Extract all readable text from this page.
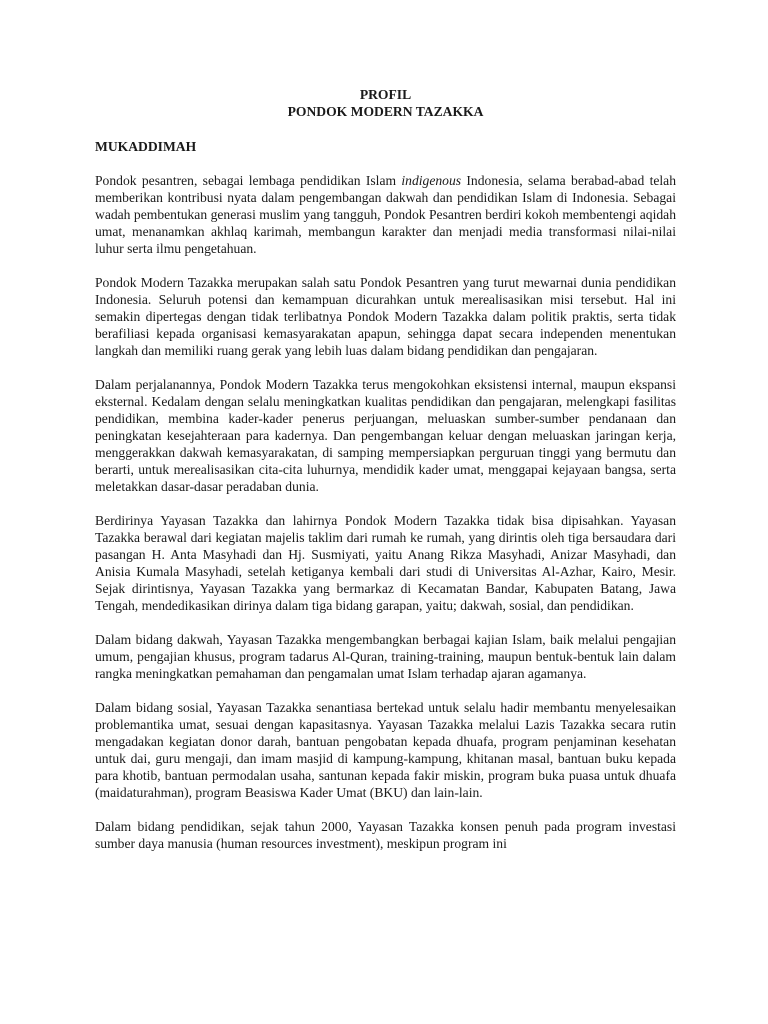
PROFIL
PONDOK MODERN TAZAKKA

MUKADDIMAH

Pondok pesantren, sebagai lembaga pendidikan Islam indigenous Indonesia, selama berabad-abad telah memberikan kontribusi nyata dalam pengembangan dakwah dan pendidikan Islam di Indonesia. Sebagai wadah pembentukan generasi muslim yang tangguh, Pondok Pesantren berdiri kokoh membentengi aqidah umat, menanamkan akhlaq karimah, membangun karakter dan menjadi media transformasi nilai-nilai luhur serta ilmu pengetahuan.

Pondok Modern Tazakka merupakan salah satu Pondok Pesantren yang turut mewarnai dunia pendidikan Indonesia. Seluruh potensi dan kemampuan dicurahkan untuk merealisasikan misi tersebut. Hal ini semakin dipertegas dengan tidak terlibatnya Pondok Modern Tazakka dalam politik praktis, serta tidak berafiliasi kepada organisasi kemasyarakatan apapun, sehingga dapat secara independen menentukan langkah dan memiliki ruang gerak yang lebih luas dalam bidang pendidikan dan pengajaran.

Dalam perjalanannya, Pondok Modern Tazakka terus mengokohkan eksistensi internal, maupun ekspansi eksternal. Kedalam dengan selalu meningkatkan kualitas pendidikan dan pengajaran, melengkapi fasilitas pendidikan, membina kader-kader penerus perjuangan, meluaskan sumber-sumber pendanaan dan peningkatan kesejahteraan para kadernya. Dan pengembangan keluar dengan meluaskan jaringan kerja, menggerakkan dakwah kemasyarakatan, di samping mempersiapkan perguruan tinggi yang bermutu dan berarti, untuk merealisasikan cita-cita luhurnya, mendidik kader umat, menggapai kejayaan bangsa, serta meletakkan dasar-dasar peradaban dunia.

Berdirinya Yayasan Tazakka dan lahirnya Pondok Modern Tazakka tidak bisa dipisahkan. Yayasan Tazakka berawal dari kegiatan majelis taklim dari rumah ke rumah, yang dirintis oleh tiga bersaudara dari pasangan H. Anta Masyhadi dan Hj. Susmiyati, yaitu Anang Rikza Masyhadi, Anizar Masyhadi, dan Anisia Kumala Masyhadi, setelah ketiganya kembali dari studi di Universitas Al-Azhar, Kairo, Mesir. Sejak dirintisnya, Yayasan Tazakka yang bermarkaz di Kecamatan Bandar, Kabupaten Batang, Jawa Tengah, mendedikasikan dirinya dalam tiga bidang garapan, yaitu; dakwah, sosial, dan pendidikan.

Dalam bidang dakwah, Yayasan Tazakka mengembangkan berbagai kajian Islam, baik melalui pengajian umum, pengajian khusus, program tadarus Al-Quran, training-training, maupun bentuk-bentuk lain dalam rangka meningkatkan pemahaman dan pengamalan umat Islam terhadap ajaran agamanya.

Dalam bidang sosial, Yayasan Tazakka senantiasa bertekad untuk selalu hadir membantu menyelesaikan problemantika umat, sesuai dengan kapasitasnya. Yayasan Tazakka melalui Lazis Tazakka secara rutin mengadakan kegiatan donor darah, bantuan pengobatan kepada dhuafa, program penjaminan kesehatan untuk dai, guru mengaji, dan imam masjid di kampung-kampung, khitanan masal, bantuan buku kepada para khotib, bantuan permodalan usaha, santunan kepada fakir miskin, program buka puasa untuk dhuafa (maidaturahman), program Beasiswa Kader Umat (BKU) dan lain-lain.

Dalam bidang pendidikan, sejak tahun 2000, Yayasan Tazakka konsen penuh pada program investasi sumber daya manusia (human resources investment), meskipun program ini
